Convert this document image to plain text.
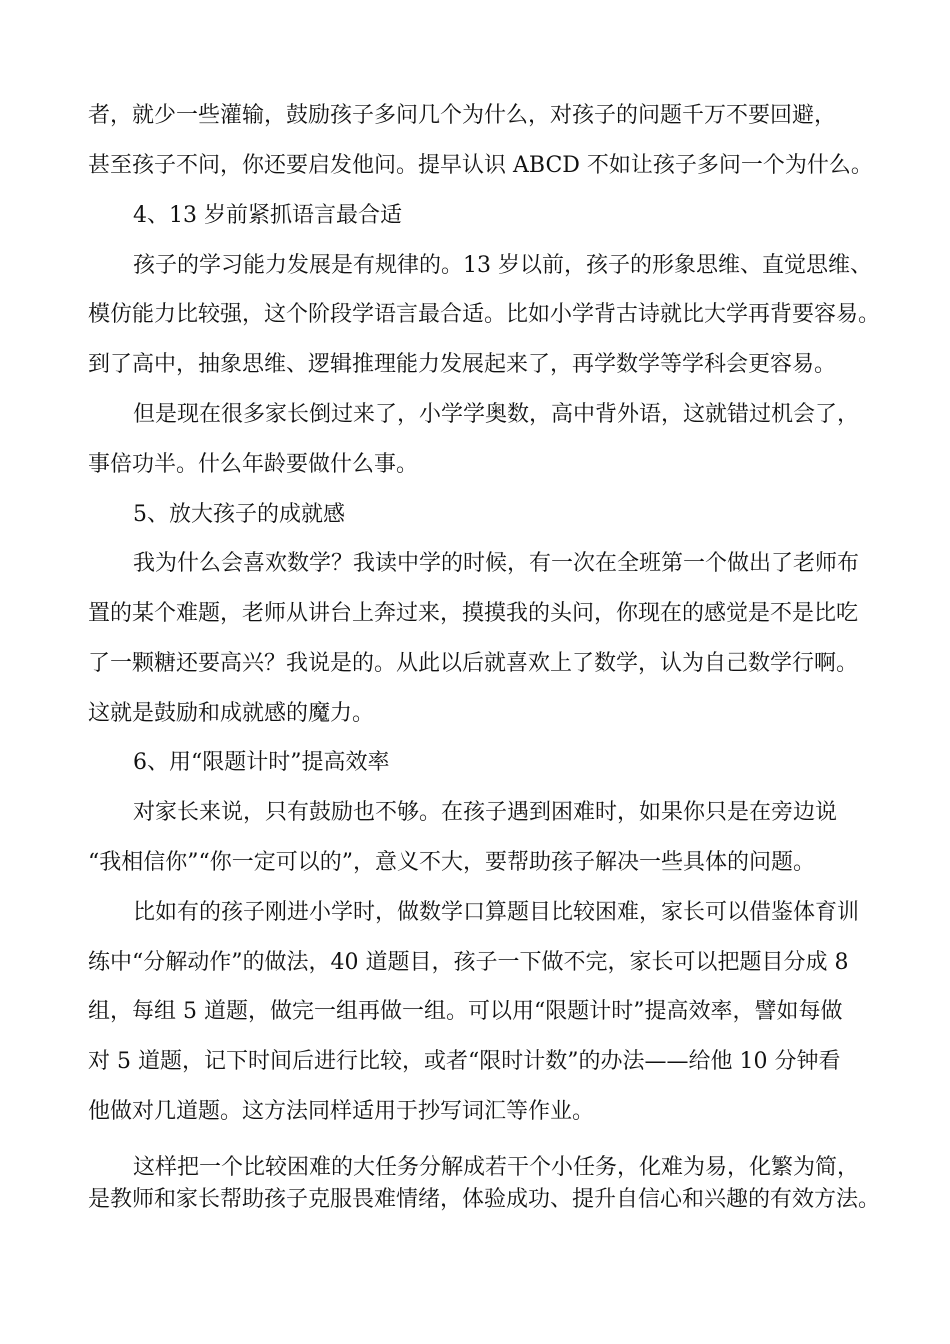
者，就少一些灌输，鼓励孩子多问几个为什么，对孩子的问题千万不要回避，

甚至孩子不问，你还要启发他问。提早认识 ABCD 不如让孩子多问一个为什么。

4、13 岁前紧抓语言最合适

孩子的学习能力发展是有规律的。13 岁以前，孩子的形象思维、直觉思维、

模仿能力比较强，这个阶段学语言最合适。比如小学背古诗就比大学再背要容易。

到了高中，抽象思维、逻辑推理能力发展起来了，再学数学等学科会更容易。

但是现在很多家长倒过来了，小学学奥数，高中背外语，这就错过机会了，

事倍功半。什么年龄要做什么事。

5、放大孩子的成就感

我为什么会喜欢数学？我读中学的时候，有一次在全班第一个做出了老师布

置的某个难题，老师从讲台上奔过来，摸摸我的头问，你现在的感觉是不是比吃

了一颗糖还要高兴？我说是的。从此以后就喜欢上了数学，认为自己数学行啊。

这就是鼓励和成就感的魔力。

6、用“限题计时”提高效率

对家长来说，只有鼓励也不够。在孩子遇到困难时，如果你只是在旁边说

“我相信你”“你一定可以的”，意义不大，要帮助孩子解决一些具体的问题。

比如有的孩子刚进小学时，做数学口算题目比较困难，家长可以借鉴体育训

练中“分解动作”的做法，40 道题目，孩子一下做不完，家长可以把题目分成 8

组，每组 5 道题，做完一组再做一组。可以用“限题计时”提高效率，譬如每做

对 5 道题，记下时间后进行比较，或者“限时计数”的办法——给他 10 分钟看

他做对几道题。这方法同样适用于抄写词汇等作业。

这样把一个比较困难的大任务分解成若干个小任务，化难为易，化繁为简，

是教师和家长帮助孩子克服畏难情绪，体验成功、提升自信心和兴趣的有效方法。
